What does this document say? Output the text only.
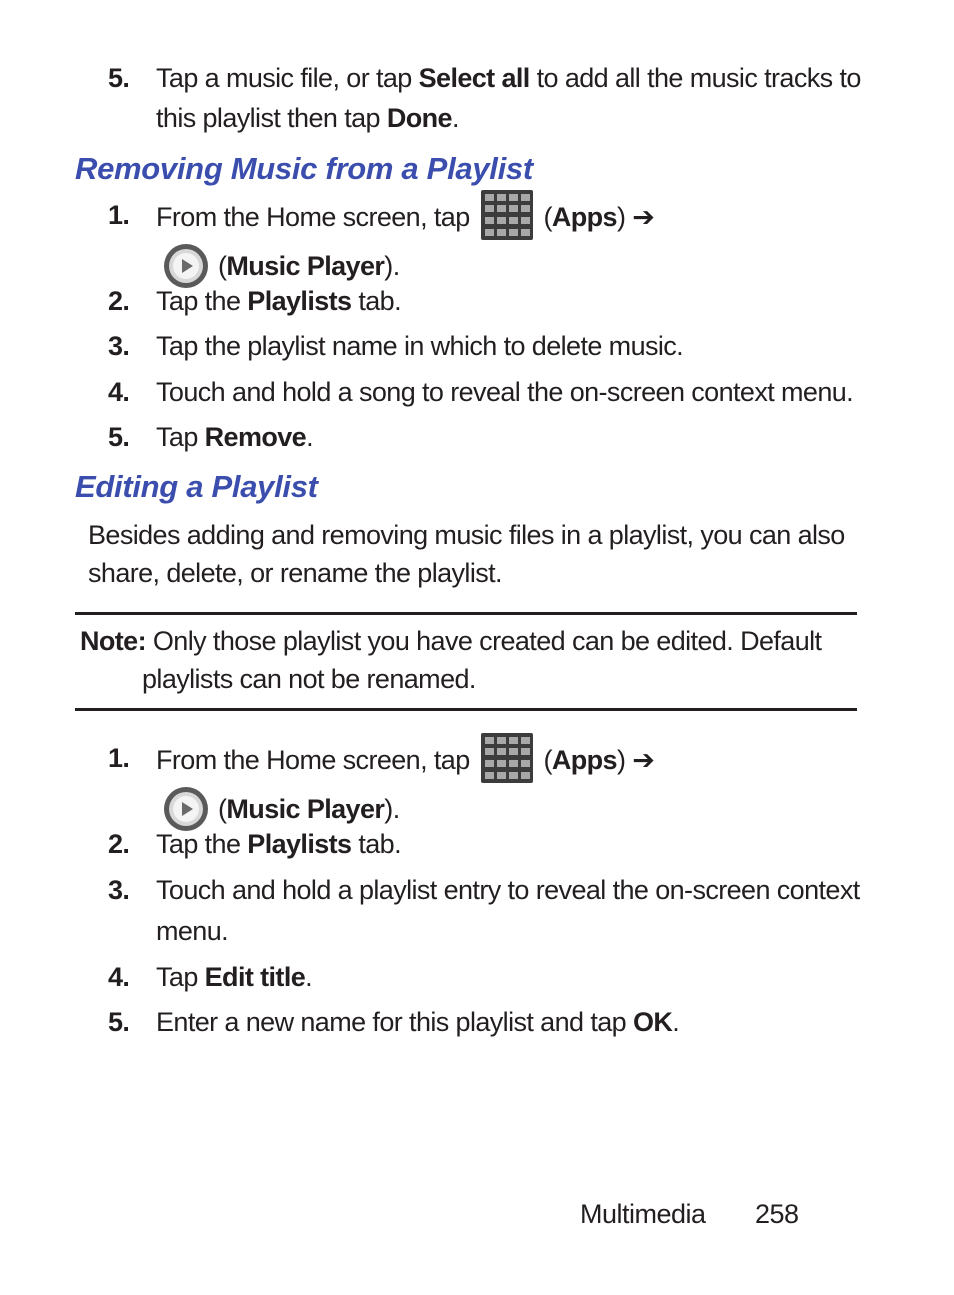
5. Tap a music file, or tap Select all to add all the music tracks to
this playlist then tap Done.
Removing Music from a Playlist
1. From the Home screen, tap  (Apps) ➔
(Music Player).
2. Tap the Playlists tab.
3. Tap the playlist name in which to delete music.
4. Touch and hold a song to reveal the on-screen context menu.
5. Tap Remove.
Editing a Playlist
Besides adding and removing music files in a playlist, you can also
share, delete, or rename the playlist.
Note: Only those playlist you have created can be edited. Default
playlists can not be renamed.
1. From the Home screen, tap  (Apps) ➔
(Music Player).
2. Tap the Playlists tab.
3. Touch and hold a playlist entry to reveal the on-screen context
menu.
4. Tap Edit title.
5. Enter a new name for this playlist and tap OK.
Multimedia 258
